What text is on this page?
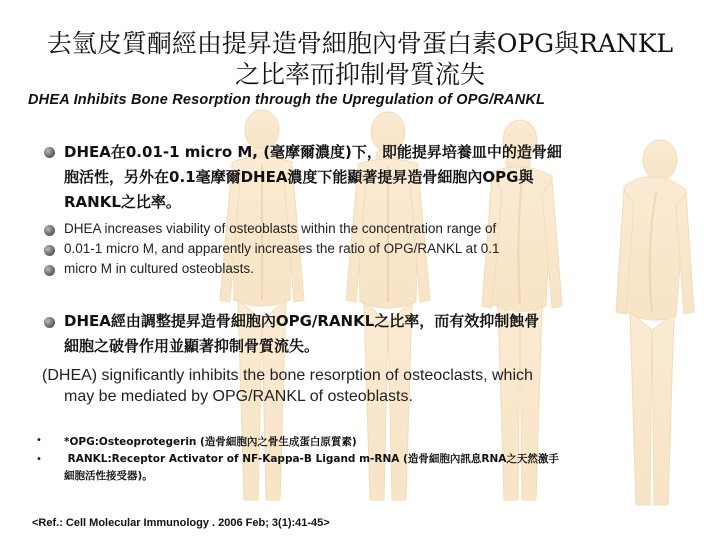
去氫皮質酮經由提昇造骨細胞內骨蛋白素OPG與RANKL
之比率而抑制骨質流失
DHEA Inhibits Bone Resorption through the Upregulation of OPG/RANKL
DHEA在0.01-1 micro M, (毫摩爾濃度)下，即能提昇培養皿中的造骨細
胞活性，另外在0.1毫摩爾DHEA濃度下能顯著提昇造骨細胞內OPG與
RANKL之比率。
DHEA increases viability of osteoblasts within the concentration range of
0.01-1 micro M, and apparently increases the ratio of OPG/RANKL at 0.1
micro M in cultured osteoblasts.
DHEA經由調整提昇造骨細胞內OPG/RANKL之比率，而有效抑制蝕骨
細胞之破骨作用並顯著抑制骨質流失。
(DHEA) significantly inhibits the bone resorption of osteoclasts, which
may be mediated by OPG/RANKL of osteoblasts.
•
•
*OPG:Osteoprotegerin (造骨細胞內之骨生成蛋白原質素)
RANKL:Receptor Activator of NF-Kappa-B Ligand m-RNA (造骨細胞內訊息RNA之天然激手
細胞活性接受器)。
<Ref.: Cell Molecular Immunology . 2006 Feb; 3(1):41-45>
